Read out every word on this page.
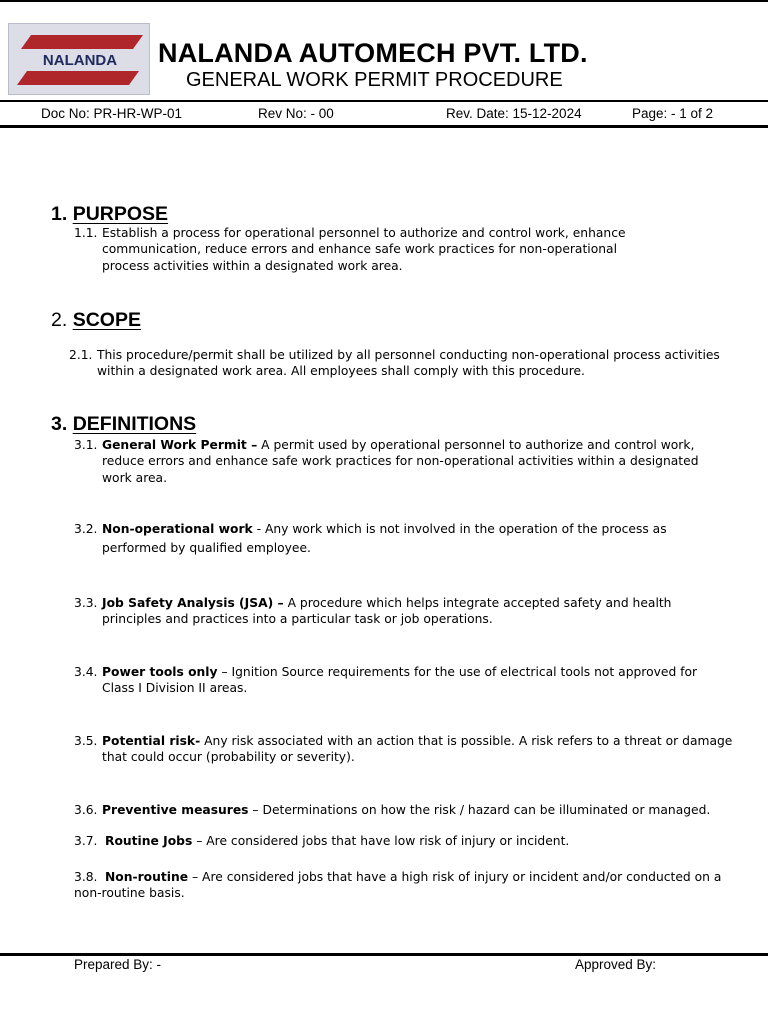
NALANDA NALANDA AUTOMECH PVT. LTD.
GENERAL WORK PERMIT PROCEDURE
Doc No: PR-HR-WP-01	Rev No: - 00	Rev. Date: 15-12-2024	Page: - 1 of 2
1. PURPOSE
1.1. Establish a process for operational personnel to authorize and control work, enhance
communication, reduce errors and enhance safe work practices for non-operational
process activities within a designated work area.
2. SCOPE
2.1. This procedure/permit shall be utilized by all personnel conducting non-operational process activities
within a designated work area. All employees shall comply with this procedure.
3. DEFINITIONS
3.1. General Work Permit – A permit used by operational personnel to authorize and control work,
reduce errors and enhance safe work practices for non-operational activities within a designated
work area.
3.2. Non-operational work - Any work which is not involved in the operation of the process as
performed by qualified employee.
3.3. Job Safety Analysis (JSA) – A procedure which helps integrate accepted safety and health
principles and practices into a particular task or job operations.
3.4. Power tools only – Ignition Source requirements for the use of electrical tools not approved for
Class I Division II areas.
3.5. Potential risk- Any risk associated with an action that is possible. A risk refers to a threat or damage
that could occur (probability or severity).
3.6. Preventive measures – Determinations on how the risk / hazard can be illuminated or managed.
3.7. Routine Jobs – Are considered jobs that have low risk of injury or incident.
3.8. Non-routine – Are considered jobs that have a high risk of injury or incident and/or conducted on a
non-routine basis.
Prepared By: -	Approved By:
